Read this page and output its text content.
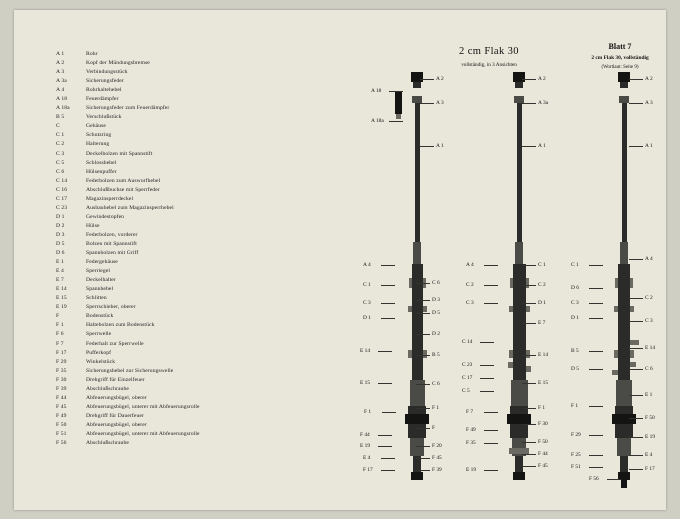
A 1	Rohr
A 2	Kopf der Mündungsbremse
A 3	Verbindungsstück
A 3a	Sicherungsfeder
A 4	Rohrhaltehebel
A 18	Feuerdämpfer
A 18a	Sicherungsfeder zum Feuerdämpfer
B 5	Verschlußstück
C	Gehäuse
C 1	Schutzring
C 2	Halterung
C 3	Deckelbolzen mit Spannstift
C 5	Schlosshebel
C 6	Hülsenpuffer
C 14	Federbolzen zum Auswurfhebel
C 16	Abschlußbuchse mit Sperrfeder
C 17	Magazinsperrdeckel
C 23	Ausbauhebel zum Magazinsperrhebel
D 1	Gewindestopfen
D 2	Hülse
D 3	Federbolzen, vorderer
D 5	Bolzen mit Spannstift
D 6	Spannbolzen mit Griff
E 1	Federgehäuse
E 4	Sperriegel
E 7	Deckelhalter
E 14	Spannhebel
E 15	Schlitten
E 19	Sperrschieber, oberer
F	Bodenstück
F 1	Haltebolzen zum Bodenstück
F 6	Sperrwelle
F 7	Federhalt zur Sperrwelle
F 17	Pufferkopf
F 29	Winkelstück
F 35	Sicherungshebel zur Sicherungswelle
F 30	Drehgriff für Einzelfeuer
F 39	Abschlußschraube
F 44	Abfeuerungsbügel, oberer
F 45	Abfeuerungsbügel, unterer mit Abfeuerungsrolle
F 49	Drehgriff für Dauerfeuer
F 50	Abfeuerungsbügel, oberer
F 51	Abfeuerungsbügel, unterer mit Abfeuerungsrolle
F 56	Abschlußschraube
2 cm Flak 30
vollständig, in 3 Ansichten
Blatt 7
2 cm Flak 30, vollständig
(Wortlaut: Seite 9)
A 18
A 18a
A 4
C 1
C 3
D 1
E 14
E 15
F 1
F 44
E 19
E 4
F 17
A 2
A 3
A 1
C 6
D 3
D 5
D 2
B 5
C 6
F 1
F
F 20
F 45
F 39
A 4
C 2
C 3
C 14
C 23
C 17
C 5
F 7
F 49
F 35
E 19
A 2
A 3a
A 1
C 1
C 2
D 1
E 7
E 14
E 15
F 1
F 30
F 50
F 44
F 45
C 1
D 6
C 3
D 1
B 5
D 5
F 1
F 29
F 25
F 51
F 56
A 2
A 3
A 1
A 4
C 2
C 3
E 14
C 6
E 1
F 50
E 19
E 4
F 17
